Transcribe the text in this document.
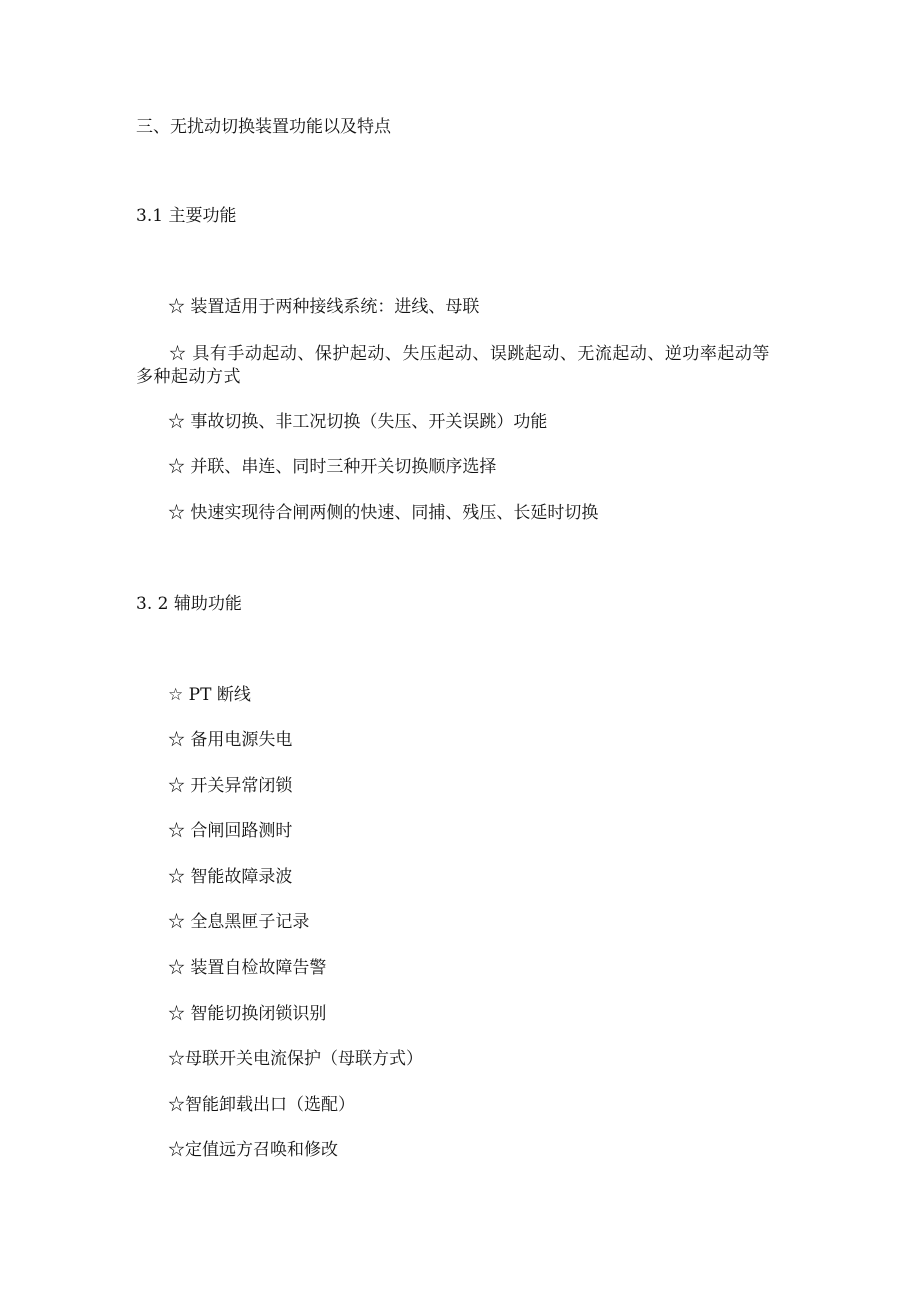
三、无扰动切换装置功能以及特点
3.1 主要功能
☆ 装置适用于两种接线系统：进线、母联
☆ 具有手动起动、保护起动、失压起动、误跳起动、无流起动、逆功率起动等多种起动方式
☆ 事故切换、非工况切换（失压、开关误跳）功能
☆ 并联、串连、同时三种开关切换顺序选择
☆ 快速实现待合闸两侧的快速、同捕、残压、长延时切换
3. 2 辅助功能
☆ PT 断线
☆ 备用电源失电
☆ 开关异常闭锁
☆ 合闸回路测时
☆ 智能故障录波
☆ 全息黑匣子记录
☆ 装置自检故障告警
☆ 智能切换闭锁识别
☆母联开关电流保护（母联方式）
☆智能卸载出口（选配）
☆定值远方召唤和修改
